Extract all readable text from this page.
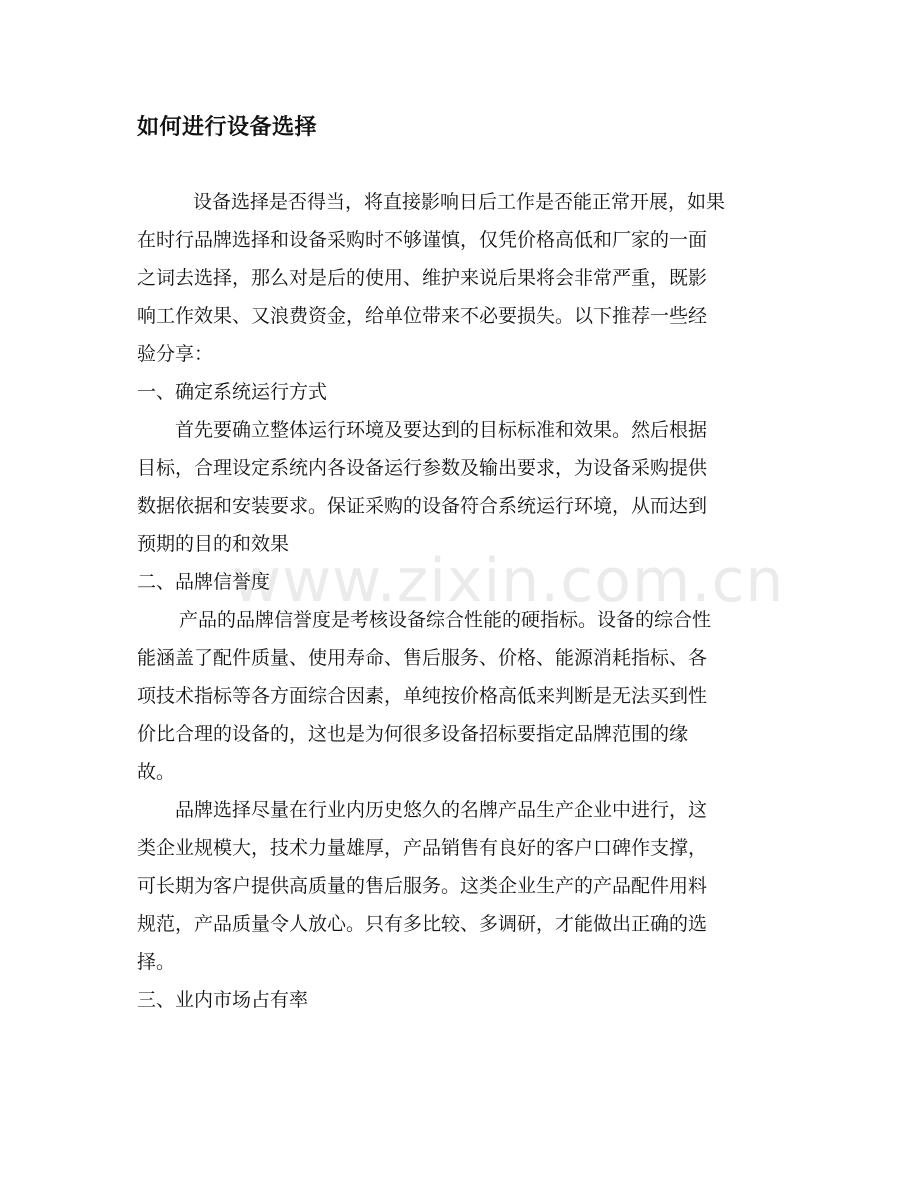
如何进行设备选择
www.zixin.com.cn
设备选择是否得当，将直接影响日后工作是否能正常开展，如果
在时行品牌选择和设备采购时不够谨慎，仅凭价格高低和厂家的一面
之词去选择，那么对是后的使用、维护来说后果将会非常严重，既影
响工作效果、又浪费资金，给单位带来不必要损失。以下推荐一些经
验分享：
一、确定系统运行方式
首先要确立整体运行环境及要达到的目标标准和效果。然后根据
目标，合理设定系统内各设备运行参数及输出要求，为设备采购提供
数据依据和安装要求。保证采购的设备符合系统运行环境，从而达到
预期的目的和效果
二、品牌信誉度
产品的品牌信誉度是考核设备综合性能的硬指标。设备的综合性
能涵盖了配件质量、使用寿命、售后服务、价格、能源消耗指标、各
项技术指标等各方面综合因素，单纯按价格高低来判断是无法买到性
价比合理的设备的，这也是为何很多设备招标要指定品牌范围的缘
故。
品牌选择尽量在行业内历史悠久的名牌产品生产企业中进行，这
类企业规模大，技术力量雄厚，产品销售有良好的客户口碑作支撑，
可长期为客户提供高质量的售后服务。这类企业生产的产品配件用料
规范，产品质量令人放心。只有多比较、多调研，才能做出正确的选
择。
三、业内市场占有率
